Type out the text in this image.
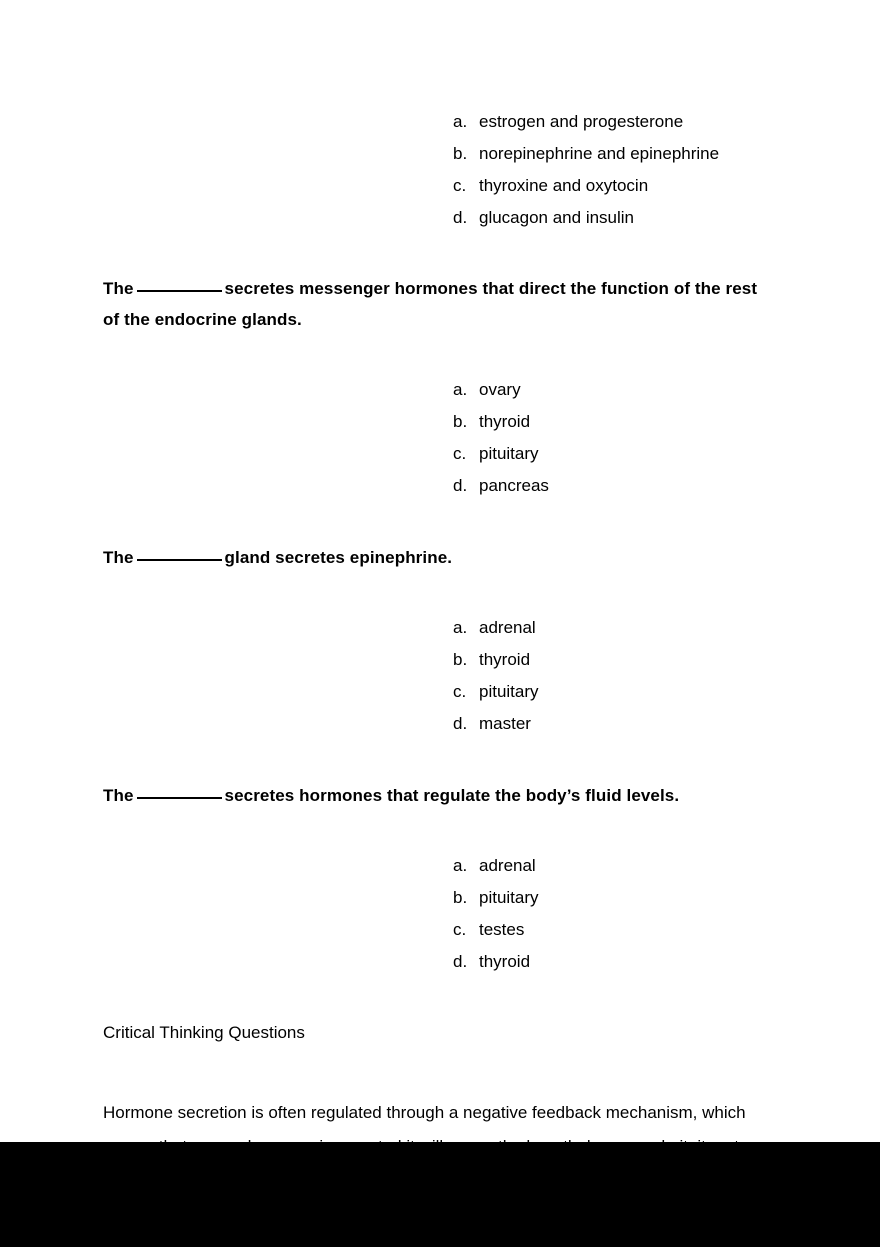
a. estrogen and progesterone
b. norepinephrine and epinephrine
c. thyroxine and oxytocin
d. glucagon and insulin

The	secretes messenger hormones that direct the function of the rest of the endocrine glands.

a. ovary
b. thyroid
c. pituitary
d. pancreas

The	gland secretes epinephrine.

a. adrenal
b. thyroid
c. pituitary
d. master

The	secretes hormones that regulate the body’s fluid levels.

a. adrenal
b. pituitary
c. testes
d. thyroid

Critical Thinking Questions

Hormone secretion is often regulated through a negative feedback mechanism, which
